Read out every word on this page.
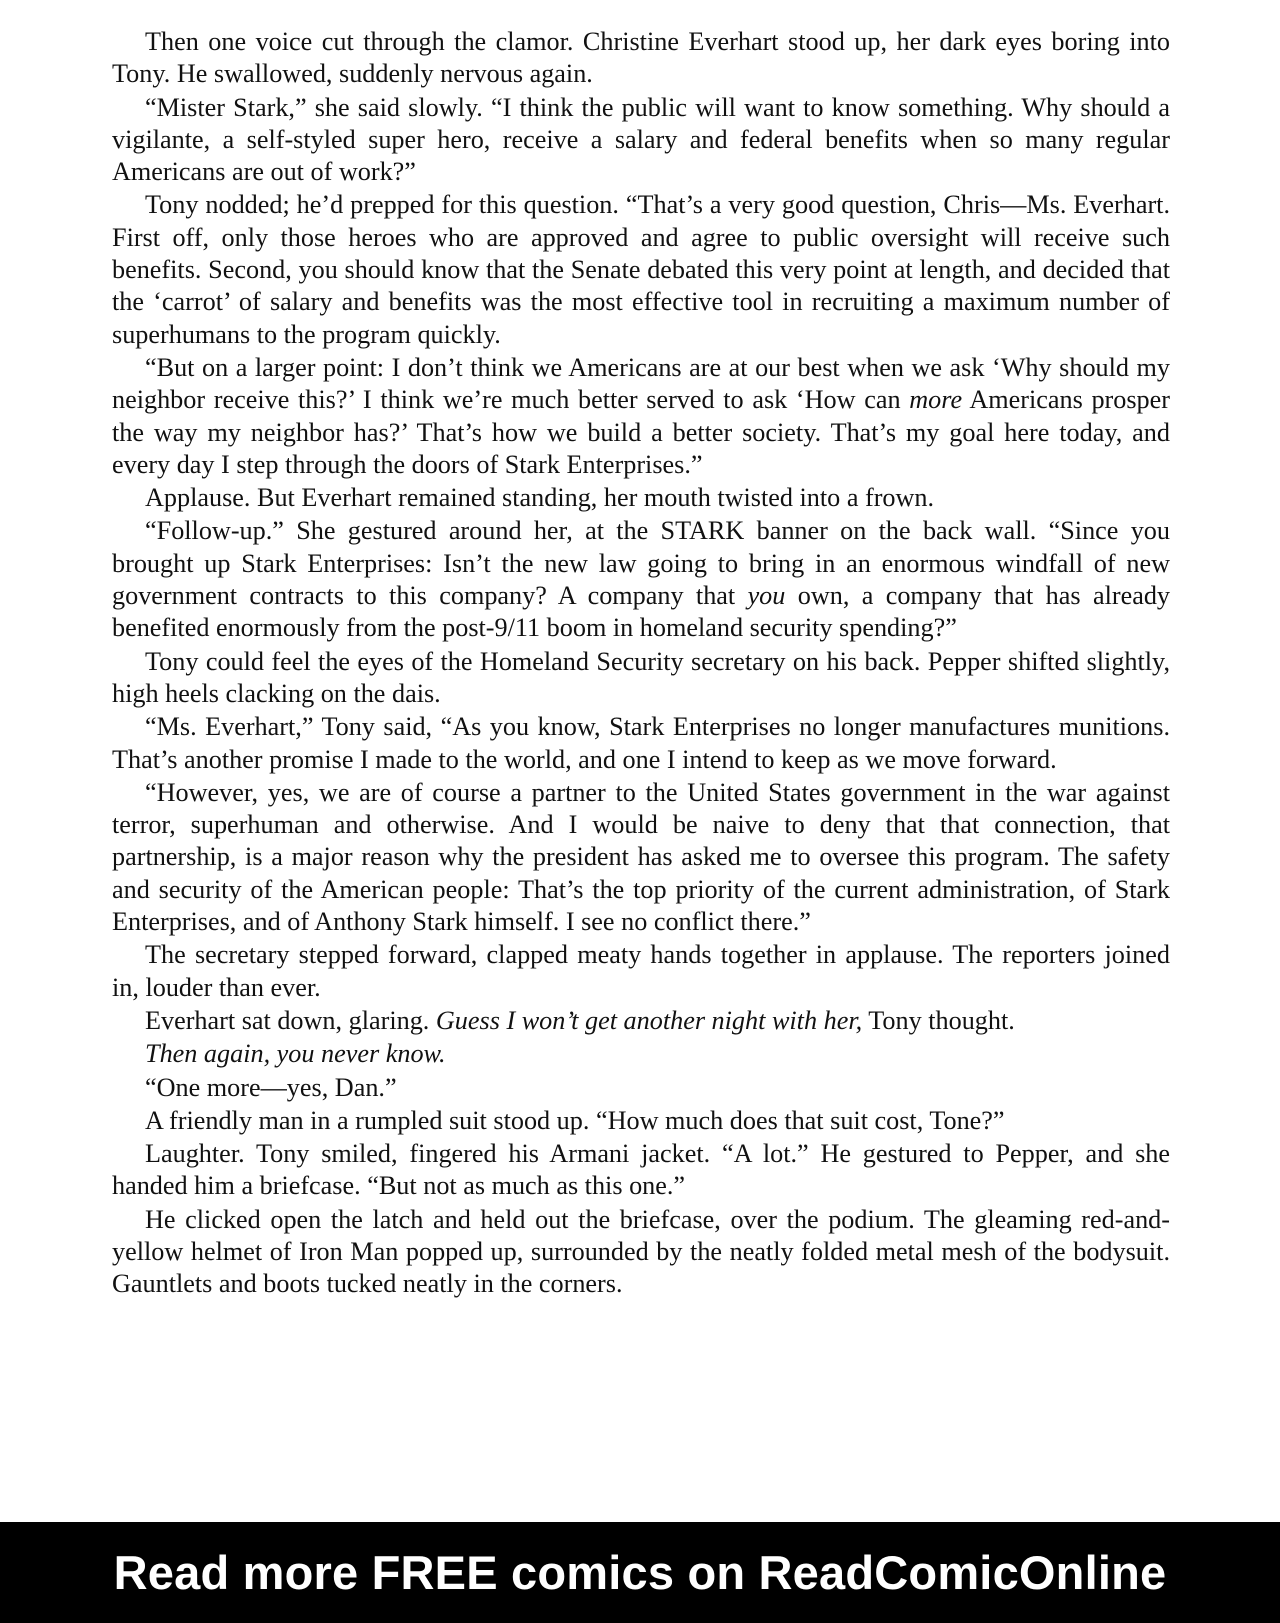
Then one voice cut through the clamor. Christine Everhart stood up, her dark eyes boring into Tony. He swallowed, suddenly nervous again.

“Mister Stark,” she said slowly. “I think the public will want to know something. Why should a vigilante, a self-styled super hero, receive a salary and federal benefits when so many regular Americans are out of work?”

Tony nodded; he’d prepped for this question. “That’s a very good question, Chris—Ms. Everhart. First off, only those heroes who are approved and agree to public oversight will receive such benefits. Second, you should know that the Senate debated this very point at length, and decided that the ‘carrot’ of salary and benefits was the most effective tool in recruiting a maximum number of superhumans to the program quickly.

“But on a larger point: I don’t think we Americans are at our best when we ask ‘Why should my neighbor receive this?’ I think we’re much better served to ask ‘How can more Americans prosper the way my neighbor has?’ That’s how we build a better society. That’s my goal here today, and every day I step through the doors of Stark Enterprises.”

Applause. But Everhart remained standing, her mouth twisted into a frown.

“Follow-up.” She gestured around her, at the STARK banner on the back wall. “Since you brought up Stark Enterprises: Isn’t the new law going to bring in an enormous windfall of new government contracts to this company? A company that you own, a company that has already benefited enormously from the post-9/11 boom in homeland security spending?”

Tony could feel the eyes of the Homeland Security secretary on his back. Pepper shifted slightly, high heels clacking on the dais.

“Ms. Everhart,” Tony said, “As you know, Stark Enterprises no longer manufactures munitions. That’s another promise I made to the world, and one I intend to keep as we move forward.

“However, yes, we are of course a partner to the United States government in the war against terror, superhuman and otherwise. And I would be naive to deny that that connection, that partnership, is a major reason why the president has asked me to oversee this program. The safety and security of the American people: That’s the top priority of the current administration, of Stark Enterprises, and of Anthony Stark himself. I see no conflict there.”

The secretary stepped forward, clapped meaty hands together in applause. The reporters joined in, louder than ever.

Everhart sat down, glaring. Guess I won’t get another night with her, Tony thought.

Then again, you never know.

“One more—yes, Dan.”

A friendly man in a rumpled suit stood up. “How much does that suit cost, Tone?”

Laughter. Tony smiled, fingered his Armani jacket. “A lot.” He gestured to Pepper, and she handed him a briefcase. “But not as much as this one.”

He clicked open the latch and held out the briefcase, over the podium. The gleaming red-and-yellow helmet of Iron Man popped up, surrounded by the neatly folded metal mesh of the bodysuit. Gauntlets and boots tucked neatly in the corners.

Read more FREE comics on ReadComicOnline
